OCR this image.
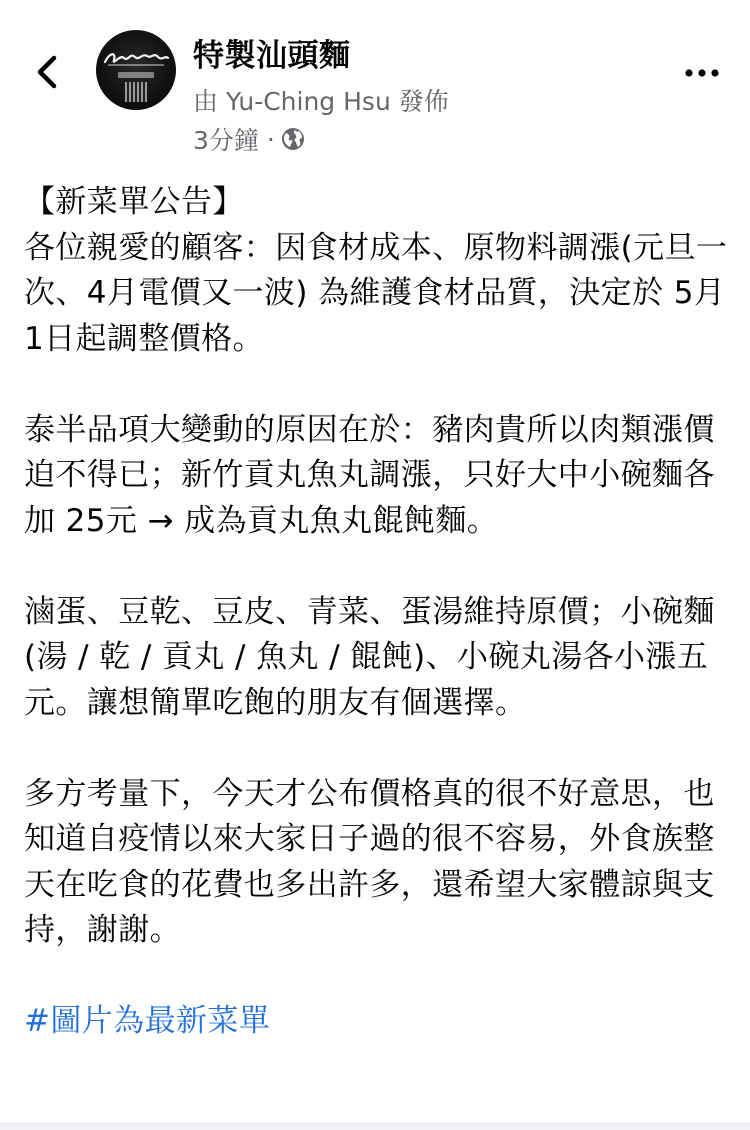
特製汕頭麵
由 Yu-Ching Hsu 發佈
3分鐘 ·

【新菜單公告】

各位親愛的顧客：因食材成本、原物料調漲(元旦一次、4月電價又一波) 為維護食材品質，決定於 5月1日起調整價格。

泰半品項大變動的原因在於：豬肉貴所以肉類漲價迫不得已；新竹貢丸魚丸調漲，只好大中小碗麵各加 25元 → 成為貢丸魚丸餛飩麵。

滷蛋、豆乾、豆皮、青菜、蛋湯維持原價；小碗麵 (湯 / 乾 / 貢丸 / 魚丸 / 餛飩)、小碗丸湯各小漲五元。讓想簡單吃飽的朋友有個選擇。

多方考量下，今天才公布價格真的很不好意思，也知道自疫情以來大家日子過的很不容易，外食族整天在吃食的花費也多出許多，還希望大家體諒與支持，謝謝。

#圖片為最新菜單
